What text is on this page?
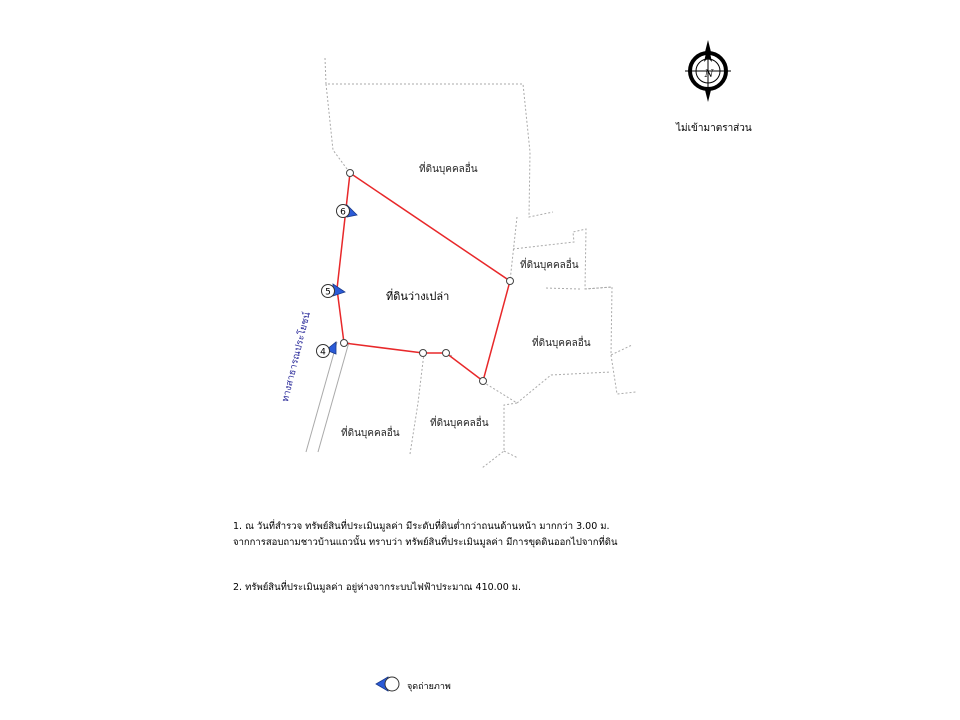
6
5
4
N
ไม่เข้ามาตราส่วน
ที่ดินว่างเปล่า
ที่ดินบุคคลอื่น
ที่ดินบุคคลอื่น
ที่ดินบุคคลอื่น
ที่ดินบุคคลอื่น
ที่ดินบุคคลอื่น
ทางสาธารณประโยชน์
1. ณ วันที่สำรวจ ทรัพย์สินที่ประเมินมูลค่า มีระดับที่ดินต่ำกว่าถนนด้านหน้า มากกว่า 3.00 ม.
จากการสอบถามชาวบ้านแถวนั้น ทราบว่า ทรัพย์สินที่ประเมินมูลค่า มีการขุดดินออกไปจากที่ดิน
2. ทรัพย์สินที่ประเมินมูลค่า อยู่ห่างจากระบบไฟฟ้าประมาณ 410.00 ม.
จุดถ่ายภาพ
